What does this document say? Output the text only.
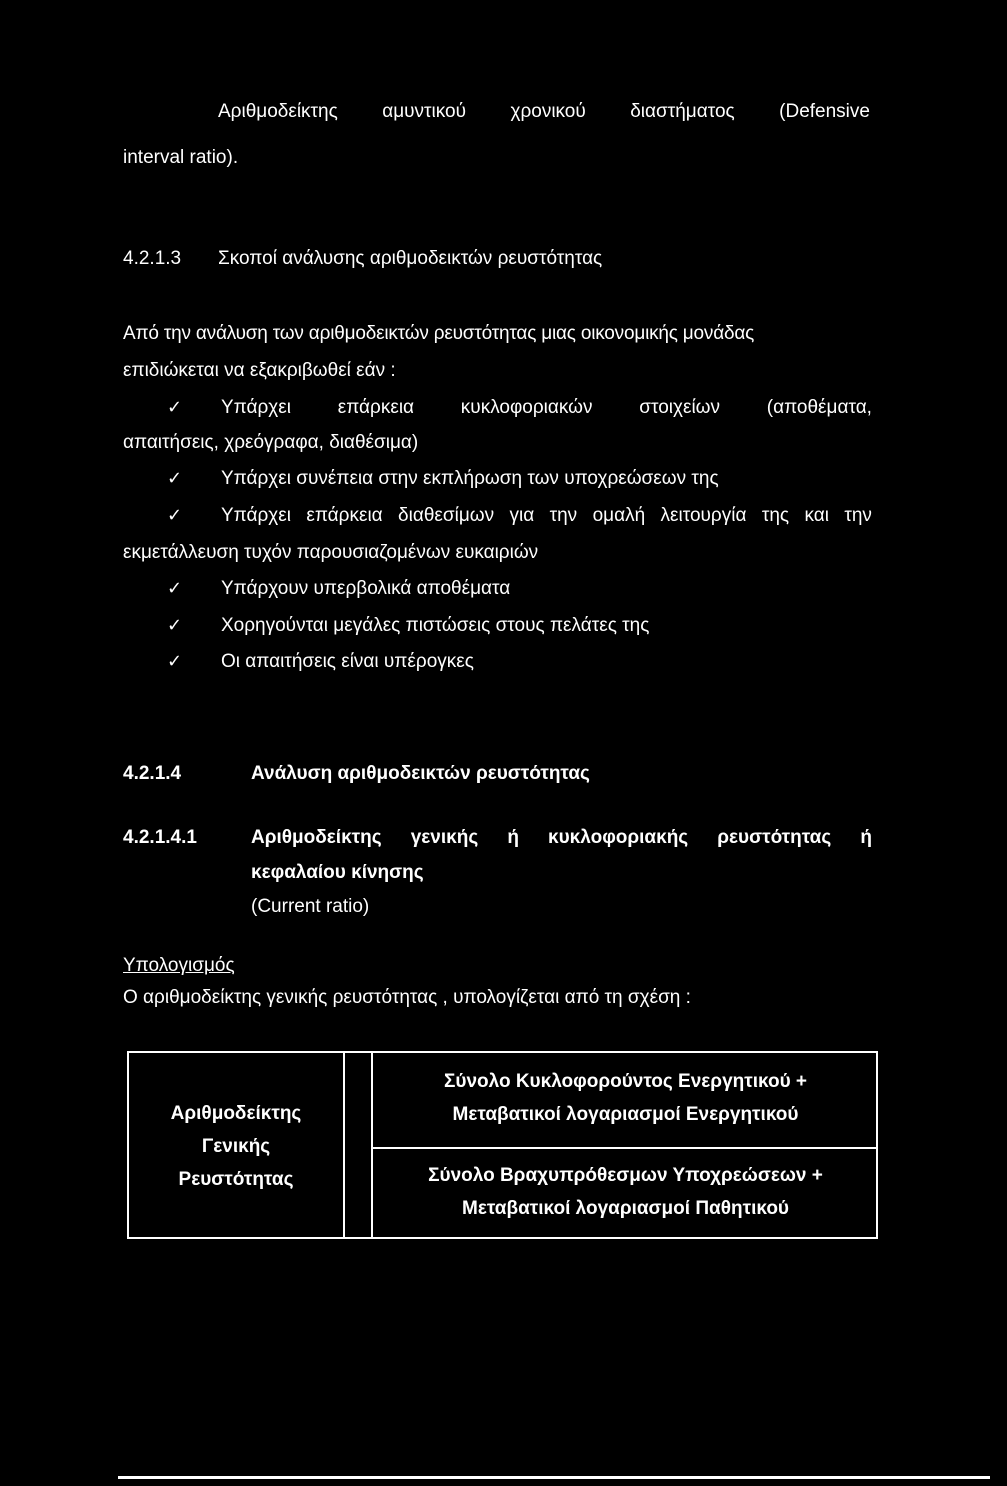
Αριθμοδείκτης αμυντικού χρονικού διαστήματος (Defensive
interval ratio).
4.2.1.3 Σκοποί ανάλυσης αριθμοδεικτών ρευστότητας
Από την ανάλυση των αριθμοδεικτών ρευστότητας μιας οικονομικής μονάδας
επιδιώκεται να εξακριβωθεί εάν :
✓ Υπάρχει επάρκεια κυκλοφοριακών στοιχείων (αποθέματα,
απαιτήσεις, χρεόγραφα, διαθέσιμα)
✓ Υπάρχει συνέπεια στην εκπλήρωση των υποχρεώσεων της
✓ Υπάρχει επάρκεια διαθεσίμων για την ομαλή λειτουργία της και την
εκμετάλλευση τυχόν παρουσιαζομένων ευκαιριών
✓ Υπάρχουν υπερβολικά αποθέματα
✓ Χορηγούνται μεγάλες πιστώσεις στους πελάτες της
✓ Οι απαιτήσεις είναι υπέρογκες
4.2.1.4	Ανάλυση αριθμοδεικτών ρευστότητας
4.2.1.4.1	Αριθμοδείκτης γενικής ή κυκλοφοριακής ρευστότητας ή
κεφαλαίου κίνησης
(Current ratio)
Υπολογισμός
Ο αριθμοδείκτης γενικής ρευστότητας , υπολογίζεται από τη σχέση :
Αριθμοδείκτης
Γενικής
Ρευστότητας
Σύνολο Κυκλοφορούντος Ενεργητικού +
Μεταβατικοί λογαριασμοί Ενεργητικού
Σύνολο Βραχυπρόθεσμων Υποχρεώσεων +
Μεταβατικοί λογαριασμοί Παθητικού
